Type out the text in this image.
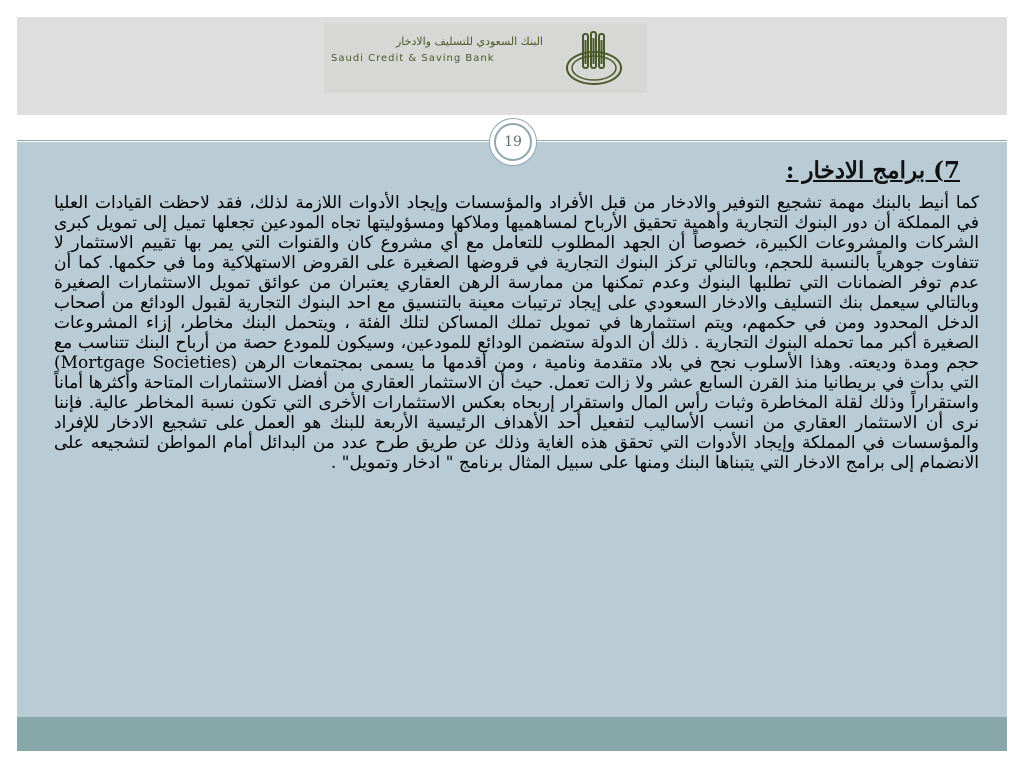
البنك السعودي للتسليف والادخار
Saudi Credit & Saving Bank
19
7) برامج الادخار :
كما أنيط بالبنك مهمة تشجيع التوفير والادخار من قبل الأفراد والمؤسسات وإيجاد الأدوات اللازمة لذلك، فقد لاحظت القيادات العليا في المملكة أن دور البنوك التجارية وأهمية تحقيق الأرباح لمساهميها وملاكها ومسؤوليتها تجاه المودعين تجعلها تميل إلى تمويل كبرى الشركات والمشروعات الكبيرة، خصوصاً أن الجهد المطلوب للتعامل مع أي مشروع كان والقنوات التي يمر بها تقييم الاستثمار لا تتفاوت جوهرياً بالنسبة للحجم، وبالتالي تركز البنوك التجارية في قروضها الصغيرة على القروض الاستهلاكية وما في حكمها. كما أن عدم توفر الضمانات التي تطلبها البنوك وعدم تمكنها من ممارسة الرهن العقاري يعتبران من عوائق تمويل الاستثمارات الصغيرة وبالتالي سيعمل بنك التسليف والادخار السعودي على إيجاد ترتيبات معينة بالتنسيق مع احد البنوك التجارية لقبول الودائع من أصحاب الدخل المحدود ومن في حكمهم، ويتم استثمارها في تمويل تملك المساكن لتلك الفئة ، ويتحمل البنك مخاطر، إزاء المشروعات الصغيرة أكبر مما تحمله البنوك التجارية . ذلك أن الدولة ستضمن الودائع للمودعين، وسيكون للمودع حصة من أرباح البنك تتناسب مع حجم ومدة وديعته. وهذا الأسلوب نجح في بلاد متقدمة ونامية ، ومن أقدمها ما يسمى بمجتمعات الرهن (Mortgage Societies) التي بدأت في بريطانيا منذ القرن السابع عشر ولا زالت تعمل. حيث أن الاستثمار العقاري من أفضل الاستثمارات المتاحة وأكثرها أماناً واستقراراً وذلك لقلة المخاطرة وثبات رأس المال واستقرار إربحاه بعكس الاستثمارات الأخرى التي تكون نسبة المخاطر عالية. فإننا نرى أن الاستثمار العقاري من انسب الأساليب لتفعيل أحد الأهداف الرئيسية الأربعة للبنك هو العمل على تشجيع الادخار للإفراد والمؤسسات في المملكة وإيجاد الأدوات التي تحقق هذه الغاية وذلك عن طريق طرح عدد من البدائل أمام المواطن لتشجيعه على الانضمام إلى برامج الادخار التي يتبناها البنك ومنها على سبيل المثال برنامج " ادخار وتمويل" .
